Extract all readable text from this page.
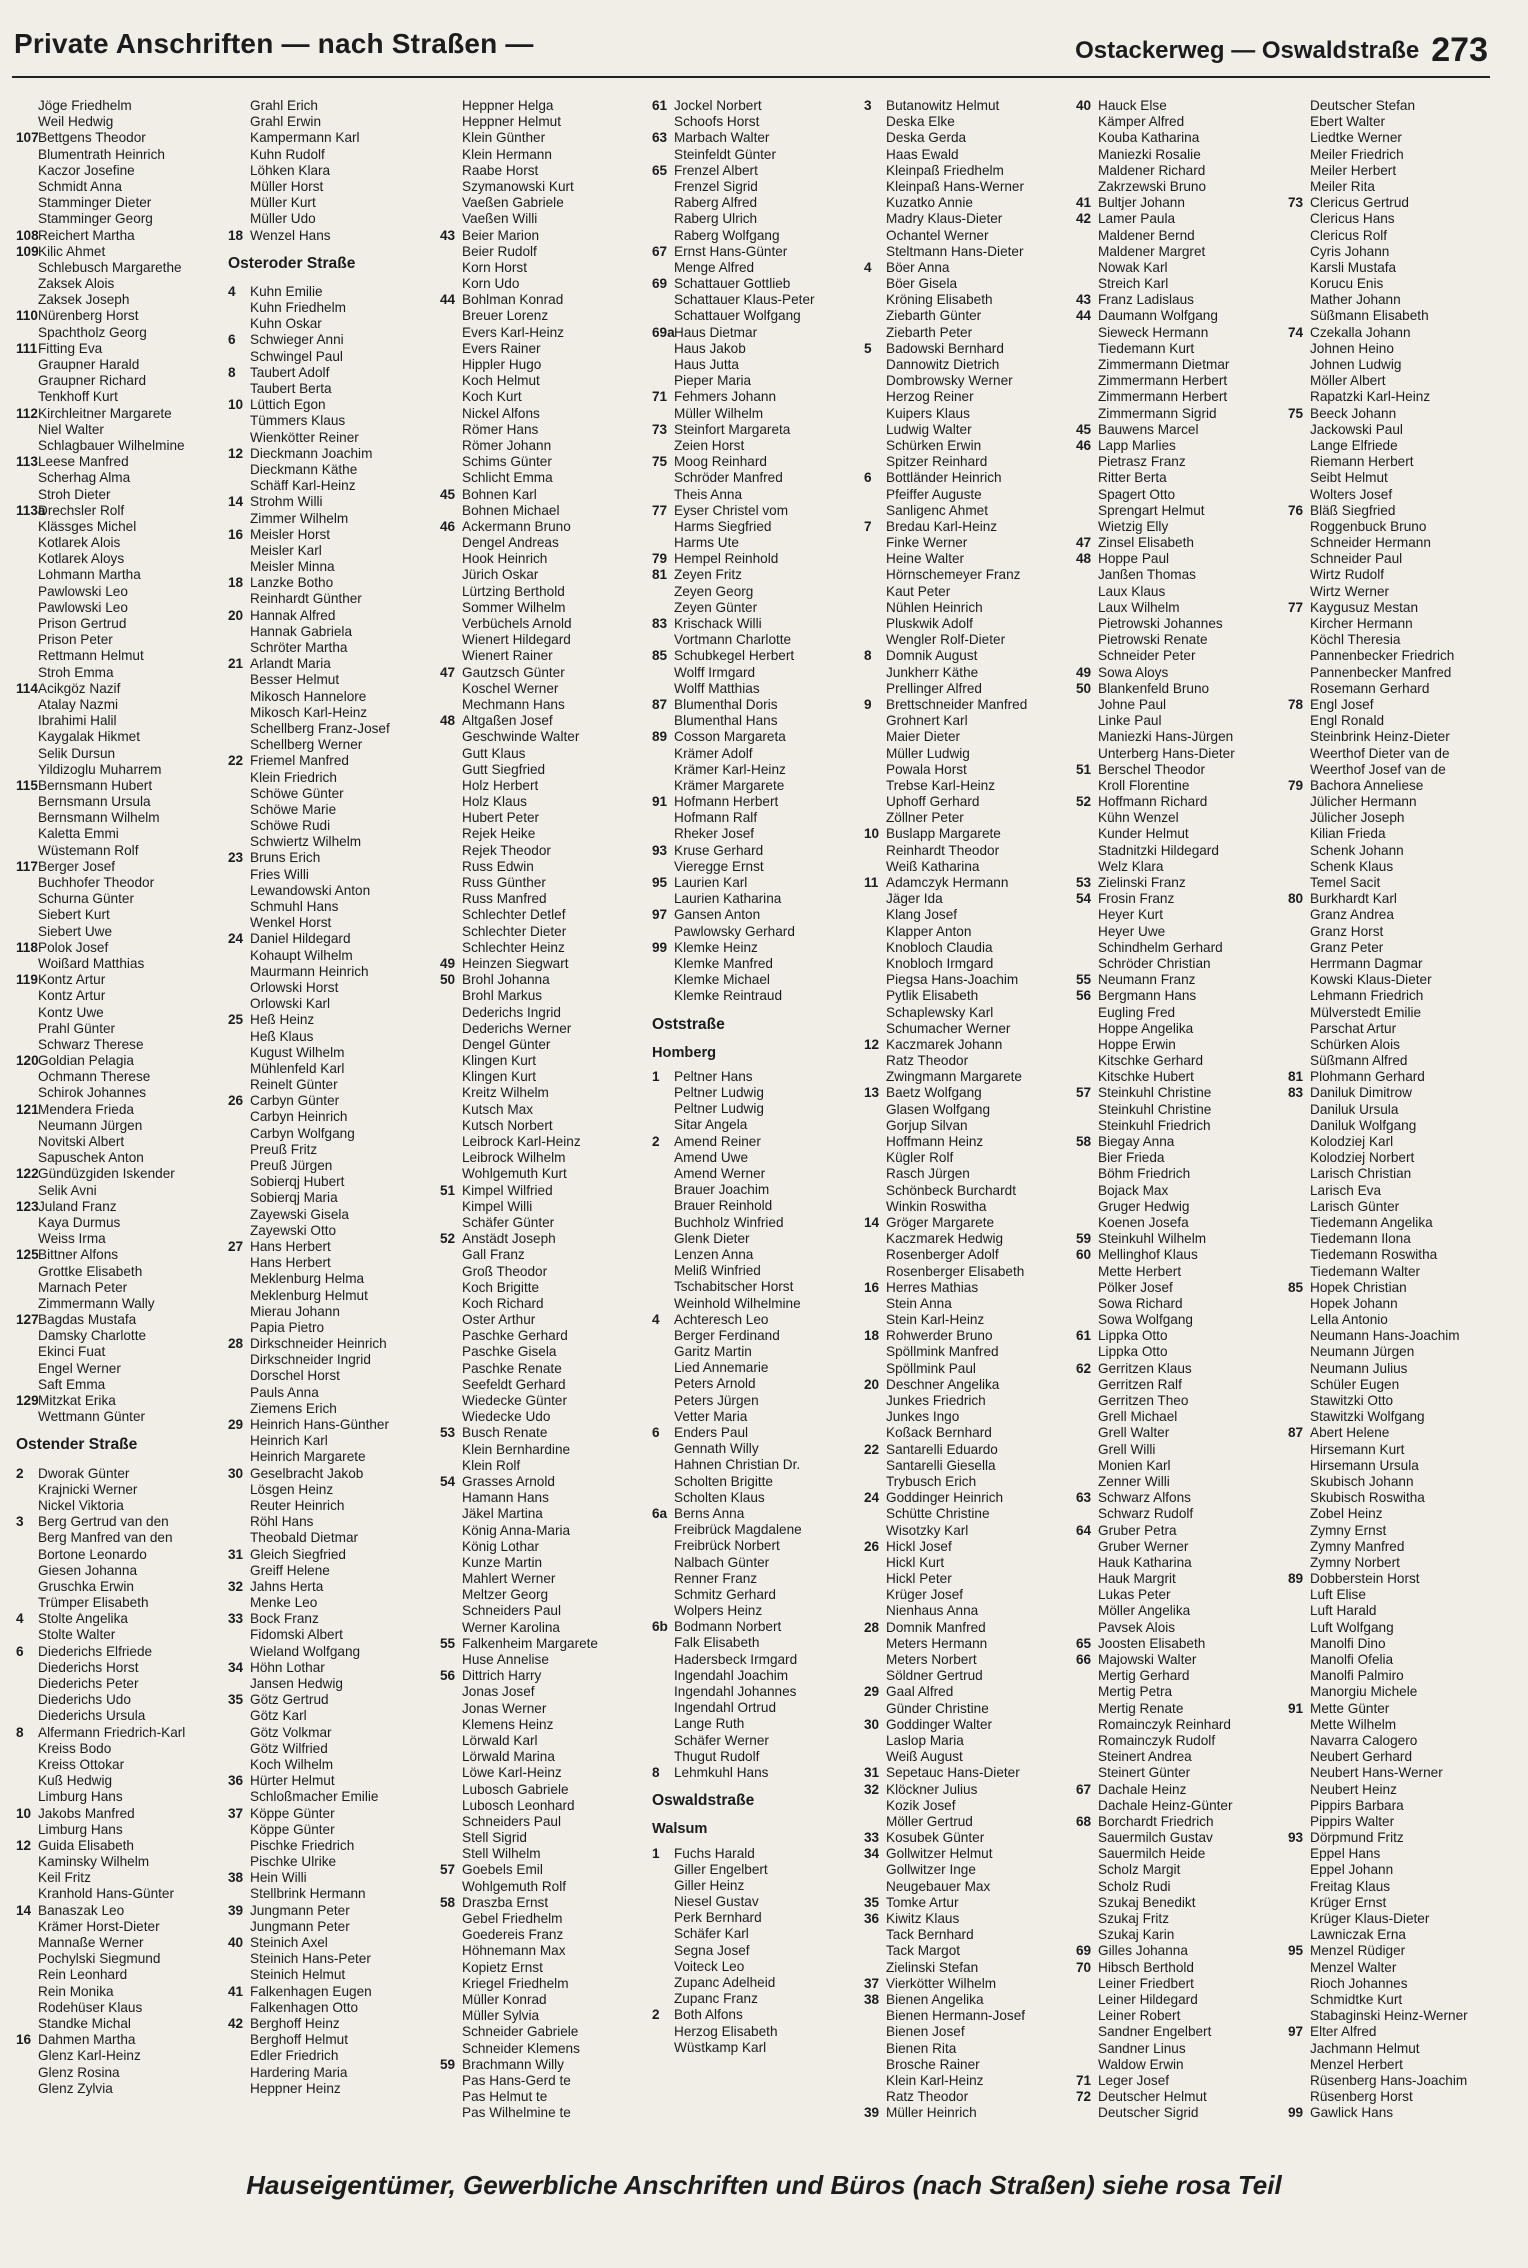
Private Anschriften — nach Straßen —	Ostackerweg — Oswaldstraße 273
Jöge Friedhelm
Weil Hedwig
107Bettgens Theodor
Blumentrath Heinrich
Kaczor Josefine
Schmidt Anna
Stamminger Dieter
Stamminger Georg
108Reichert Martha
109Kilic Ahmet
Schlebusch Margarethe
Zaksek Alois
Zaksek Joseph
110Nürenberg Horst
Spachtholz Georg
111Fitting Eva
Graupner Harald
Graupner Richard
Tenkhoff Kurt
112Kirchleitner Margarete
Niel Walter
Schlagbauer Wilhelmine
113Leese Manfred
Scherhag Alma
Stroh Dieter
113aDrechsler Rolf
Klässges Michel
Kotlarek Alois
Kotlarek Aloys
Lohmann Martha
Pawlowski Leo
Pawlowski Leo
Prison Gertrud
Prison Peter
Rettmann Helmut
Stroh Emma
114Acikgöz Nazif
Atalay Nazmi
Ibrahimi Halil
Kaygalak Hikmet
Selik Dursun
Yildizoglu Muharrem
115Bernsmann Hubert
Bernsmann Ursula
Bernsmann Wilhelm
Kaletta Emmi
Wüstemann Rolf
117Berger Josef
Buchhofer Theodor
Schurna Günter
Siebert Kurt
Siebert Uwe
118Polok Josef
Woißard Matthias
119Kontz Artur
Kontz Artur
Kontz Uwe
Prahl Günter
Schwarz Therese
120Goldian Pelagia
Ochmann Therese
Schirok Johannes
121Mendera Frieda
Neumann Jürgen
Novitski Albert
Sapuschek Anton
122Gündüzgiden Iskender
Selik Avni
123Juland Franz
Kaya Durmus
Weiss Irma
125Bittner Alfons
Grottke Elisabeth
Marnach Peter
Zimmermann Wally
127Bagdas Mustafa
Damsky Charlotte
Ekinci Fuat
Engel Werner
Saft Emma
129Mitzkat Erika
Wettmann Günter
Ostender Straße
2 Dworak Günter
Krajnicki Werner
Nickel Viktoria
3 Berg Gertrud van den
Berg Manfred van den
Bortone Leonardo
Giesen Johanna
Gruschka Erwin
Trümper Elisabeth
4 Stolte Angelika
Stolte Walter
6 Diederichs Elfriede
Diederichs Horst
Diederichs Peter
Diederichs Udo
Diederichs Ursula
8 Alfermann Friedrich-Karl
Kreiss Bodo
Kreiss Ottokar
Kuß Hedwig
Limburg Hans
10 Jakobs Manfred
Limburg Hans
12 Guida Elisabeth
Kaminsky Wilhelm
Keil Fritz
Kranhold Hans-Günter
14 Banaszak Leo
Krämer Horst-Dieter
Mannaße Werner
Pochylski Siegmund
Rein Leonhard
Rein Monika
Rodehüser Klaus
Standke Michal
16 Dahmen Martha
Glenz Karl-Heinz
Glenz Rosina
Glenz Zylvia
Grahl Erich
Grahl Erwin
Kampermann Karl
Kuhn Rudolf
Löhken Klara
Müller Horst
Müller Kurt
Müller Udo
18 Wenzel Hans
Osteroder Straße
4 Kuhn Emilie
Kuhn Friedhelm
Kuhn Oskar
6 Schwieger Anni
Schwingel Paul
8 Taubert Adolf
Taubert Berta
10 Lüttich Egon
Tümmers Klaus
Wienkötter Reiner
12 Dieckmann Joachim
Dieckmann Käthe
Schäff Karl-Heinz
14 Strohm Willi
Zimmer Wilhelm
16 Meisler Horst
Meisler Karl
Meisler Minna
18 Lanzke Botho
Reinhardt Günther
20 Hannak Alfred
Hannak Gabriela
Schröter Martha
21 Arlandt Maria
Besser Helmut
Mikosch Hannelore
Mikosch Karl-Heinz
Schellberg Franz-Josef
Schellberg Werner
22 Friemel Manfred
Klein Friedrich
Schöwe Günter
Schöwe Marie
Schöwe Rudi
Schwiertz Wilhelm
23 Bruns Erich
Fries Willi
Lewandowski Anton
Schmuhl Hans
Wenkel Horst
24 Daniel Hildegard
Kohaupt Wilhelm
Maurmann Heinrich
Orlowski Horst
Orlowski Karl
25 Heß Heinz
Heß Klaus
Kugust Wilhelm
Mühlenfeld Karl
Reinelt Günter
26 Carbyn Günter
Carbyn Heinrich
Carbyn Wolfgang
Preuß Fritz
Preuß Jürgen
Sobierqj Hubert
Sobierqj Maria
Zayewski Gisela
Zayewski Otto
27 Hans Herbert
Hans Herbert
Meklenburg Helma
Meklenburg Helmut
Mierau Johann
Papia Pietro
28 Dirkschneider Heinrich
Dirkschneider Ingrid
Dorschel Horst
Pauls Anna
Ziemens Erich
29 Heinrich Hans-Günther
Heinrich Karl
Heinrich Margarete
30 Geselbracht Jakob
Lösgen Heinz
Reuter Heinrich
Röhl Hans
Theobald Dietmar
31 Gleich Siegfried
Greiff Helene
32 Jahns Herta
Menke Leo
33 Bock Franz
Fidomski Albert
Wieland Wolfgang
34 Höhn Lothar
Jansen Hedwig
35 Götz Gertrud
Götz Karl
Götz Volkmar
Götz Wilfried
Koch Wilhelm
36 Hürter Helmut
Schloßmacher Emilie
37 Köppe Günter
Köppe Günter
Pischke Friedrich
Pischke Ulrike
38 Hein Willi
Stellbrink Hermann
39 Jungmann Peter
Jungmann Peter
40 Steinich Axel
Steinich Hans-Peter
Steinich Helmut
41 Falkenhagen Eugen
Falkenhagen Otto
42 Berghoff Heinz
Berghoff Helmut
Edler Friedrich
Hardering Maria
Heppner Heinz
Heppner Helga
Heppner Helmut
Klein Günther
Klein Hermann
Raabe Horst
Szymanowski Kurt
Vaeßen Gabriele
Vaeßen Willi
43 Beier Marion
Beier Rudolf
Korn Horst
Korn Udo
44 Bohlman Konrad
Breuer Lorenz
Evers Karl-Heinz
Evers Rainer
Hippler Hugo
Koch Helmut
Koch Kurt
Nickel Alfons
Römer Hans
Römer Johann
Schims Günter
Schlicht Emma
45 Bohnen Karl
Bohnen Michael
46 Ackermann Bruno
Dengel Andreas
Hook Heinrich
Jürich Oskar
Lürtzing Berthold
Sommer Wilhelm
Verbüchels Arnold
Wienert Hildegard
Wienert Rainer
47 Gautzsch Günter
Koschel Werner
Mechmann Hans
48 Altgaßen Josef
Geschwinde Walter
Gutt Klaus
Gutt Siegfried
Holz Herbert
Holz Klaus
Hubert Peter
Rejek Heike
Rejek Theodor
Russ Edwin
Russ Günther
Russ Manfred
Schlechter Detlef
Schlechter Dieter
Schlechter Heinz
49 Heinzen Siegwart
50 Brohl Johanna
Brohl Markus
Dederichs Ingrid
Dederichs Werner
Dengel Günter
Klingen Kurt
Klingen Kurt
Kreitz Wilhelm
Kutsch Max
Kutsch Norbert
Leibrock Karl-Heinz
Leibrock Wilhelm
Wohlgemuth Kurt
51 Kimpel Wilfried
Kimpel Willi
Schäfer Günter
52 Anstädt Joseph
Gall Franz
Groß Theodor
Koch Brigitte
Koch Richard
Oster Arthur
Paschke Gerhard
Paschke Gisela
Paschke Renate
Seefeldt Gerhard
Wiedecke Günter
Wiedecke Udo
53 Busch Renate
Klein Bernhardine
Klein Rolf
54 Grasses Arnold
Hamann Hans
Jäkel Martina
König Anna-Maria
König Lothar
Kunze Martin
Mahlert Werner
Meltzer Georg
Schneiders Paul
Werner Karolina
55 Falkenheim Margarete
Huse Annelise
56 Dittrich Harry
Jonas Josef
Jonas Werner
Klemens Heinz
Lörwald Karl
Lörwald Marina
Löwe Karl-Heinz
Lubosch Gabriele
Lubosch Leonhard
Schneiders Paul
Stell Sigrid
Stell Wilhelm
57 Goebels Emil
Wohlgemuth Rolf
58 Draszba Ernst
Gebel Friedhelm
Goedereis Franz
Höhnemann Max
Kopietz Ernst
Kriegel Friedhelm
Müller Konrad
Müller Sylvia
Schneider Gabriele
Schneider Klemens
59 Brachmann Willy
Pas Hans-Gerd te
Pas Helmut te
Pas Wilhelmine te
61 Jockel Norbert
Schoofs Horst
63 Marbach Walter
Steinfeldt Günter
65 Frenzel Albert
Frenzel Sigrid
Raberg Alfred
Raberg Ulrich
Raberg Wolfgang
67 Ernst Hans-Günter
Menge Alfred
69 Schattauer Gottlieb
Schattauer Klaus-Peter
Schattauer Wolfgang
69aHaus Dietmar
Haus Jakob
Haus Jutta
Pieper Maria
71 Fehmers Johann
Müller Wilhelm
73 Steinfort Margareta
Zeien Horst
75 Moog Reinhard
Schröder Manfred
Theis Anna
77 Eyser Christel vom
Harms Siegfried
Harms Ute
79 Hempel Reinhold
81 Zeyen Fritz
Zeyen Georg
Zeyen Günter
83 Krischack Willi
Vortmann Charlotte
85 Schubkegel Herbert
Wolff Irmgard
Wolff Matthias
87 Blumenthal Doris
Blumenthal Hans
89 Cosson Margareta
Krämer Adolf
Krämer Karl-Heinz
Krämer Margarete
91 Hofmann Herbert
Hofmann Ralf
Rheker Josef
93 Kruse Gerhard
Vieregge Ernst
95 Laurien Karl
Laurien Katharina
97 Gansen Anton
Pawlowsky Gerhard
99 Klemke Heinz
Klemke Manfred
Klemke Michael
Klemke Reintraud
Oststraße
Homberg
1 Peltner Hans
Peltner Ludwig
Peltner Ludwig
Sitar Angela
2 Amend Reiner
Amend Uwe
Amend Werner
Brauer Joachim
Brauer Reinhold
Buchholz Winfried
Glenk Dieter
Lenzen Anna
Meliß Winfried
Tschabitscher Horst
Weinhold Wilhelmine
4 Achteresch Leo
Berger Ferdinand
Garitz Martin
Lied Annemarie
Peters Arnold
Peters Jürgen
Vetter Maria
6 Enders Paul
Gennath Willy
Hahnen Christian Dr.
Scholten Brigitte
Scholten Klaus
6a Berns Anna
Freibrück Magdalene
Freibrück Norbert
Nalbach Günter
Renner Franz
Schmitz Gerhard
Wolpers Heinz
6b Bodmann Norbert
Falk Elisabeth
Hadersbeck Irmgard
Ingendahl Joachim
Ingendahl Johannes
Ingendahl Ortrud
Lange Ruth
Schäfer Werner
Thugut Rudolf
8 Lehmkuhl Hans
Oswaldstraße
Walsum
1 Fuchs Harald
Giller Engelbert
Giller Heinz
Niesel Gustav
Perk Bernhard
Schäfer Karl
Segna Josef
Voiteck Leo
Zupanc Adelheid
Zupanc Franz
2 Both Alfons
Herzog Elisabeth
Wüstkamp Karl
3 Butanowitz Helmut
Deska Elke
Deska Gerda
Haas Ewald
Kleinpaß Friedhelm
Kleinpaß Hans-Werner
Kuzatko Annie
Madry Klaus-Dieter
Ochantel Werner
Steltmann Hans-Dieter
4 Böer Anna
Böer Gisela
Kröning Elisabeth
Ziebarth Günter
Ziebarth Peter
5 Badowski Bernhard
Dannowitz Dietrich
Dombrowsky Werner
Herzog Reiner
Kuipers Klaus
Ludwig Walter
Schürken Erwin
Spitzer Reinhard
6 Bottländer Heinrich
Pfeiffer Auguste
Sanligenc Ahmet
7 Bredau Karl-Heinz
Finke Werner
Heine Walter
Hörnschemeyer Franz
Kaut Peter
Nühlen Heinrich
Pluskwik Adolf
Wengler Rolf-Dieter
8 Domnik August
Junkherr Käthe
Prellinger Alfred
9 Brettschneider Manfred
Grohnert Karl
Maier Dieter
Müller Ludwig
Powala Horst
Trebse Karl-Heinz
Uphoff Gerhard
Zöllner Peter
10 Buslapp Margarete
Reinhardt Theodor
Weiß Katharina
11 Adamczyk Hermann
Jäger Ida
Klang Josef
Klapper Anton
Knobloch Claudia
Knobloch Irmgard
Piegsa Hans-Joachim
Pytlik Elisabeth
Schaplewsky Karl
Schumacher Werner
12 Kaczmarek Johann
Ratz Theodor
Zwingmann Margarete
13 Baetz Wolfgang
Glasen Wolfgang
Gorjup Silvan
Hoffmann Heinz
Kügler Rolf
Rasch Jürgen
Schönbeck Burchardt
Winkin Roswitha
14 Gröger Margarete
Kaczmarek Hedwig
Rosenberger Adolf
Rosenberger Elisabeth
16 Herres Mathias
Stein Anna
Stein Karl-Heinz
18 Rohwerder Bruno
Spöllmink Manfred
Spöllmink Paul
20 Deschner Angelika
Junkes Friedrich
Junkes Ingo
Koßack Bernhard
22 Santarelli Eduardo
Santarelli Giesella
Trybusch Erich
24 Goddinger Heinrich
Schütte Christine
Wisotzky Karl
26 Hickl Josef
Hickl Kurt
Hickl Peter
Krüger Josef
Nienhaus Anna
28 Domnik Manfred
Meters Hermann
Meters Norbert
Söldner Gertrud
29 Gaal Alfred
Günder Christine
30 Goddinger Walter
Laslop Maria
Weiß August
31 Sepetauc Hans-Dieter
32 Klöckner Julius
Kozik Josef
Möller Gertrud
33 Kosubek Günter
34 Gollwitzer Helmut
Gollwitzer Inge
Neugebauer Max
35 Tomke Artur
36 Kiwitz Klaus
Tack Bernhard
Tack Margot
Zielinski Stefan
37 Vierkötter Wilhelm
38 Bienen Angelika
Bienen Hermann-Josef
Bienen Josef
Bienen Rita
Brosche Rainer
Klein Karl-Heinz
Ratz Theodor
39 Müller Heinrich
40 Hauck Else
Kämper Alfred
Kouba Katharina
Maniezki Rosalie
Maldener Richard
Zakrzewski Bruno
41 Bultjer Johann
42 Lamer Paula
Maldener Bernd
Maldener Margret
Nowak Karl
Streich Karl
43 Franz Ladislaus
44 Daumann Wolfgang
Sieweck Hermann
Tiedemann Kurt
Zimmermann Dietmar
Zimmermann Herbert
Zimmermann Herbert
Zimmermann Sigrid
45 Bauwens Marcel
46 Lapp Marlies
Pietrasz Franz
Ritter Berta
Spagert Otto
Sprengart Helmut
Wietzig Elly
47 Zinsel Elisabeth
48 Hoppe Paul
Janßen Thomas
Laux Klaus
Laux Wilhelm
Pietrowski Johannes
Pietrowski Renate
Schneider Peter
49 Sowa Aloys
50 Blankenfeld Bruno
Johne Paul
Linke Paul
Maniezki Hans-Jürgen
Unterberg Hans-Dieter
51 Berschel Theodor
Kroll Florentine
52 Hoffmann Richard
Kühn Wenzel
Kunder Helmut
Stadnitzki Hildegard
Welz Klara
53 Zielinski Franz
54 Frosin Franz
Heyer Kurt
Heyer Uwe
Schindhelm Gerhard
Schröder Christian
55 Neumann Franz
56 Bergmann Hans
Eugling Fred
Hoppe Angelika
Hoppe Erwin
Kitschke Gerhard
Kitschke Hubert
57 Steinkuhl Christine
Steinkuhl Christine
Steinkuhl Friedrich
58 Biegay Anna
Bier Frieda
Böhm Friedrich
Bojack Max
Gruger Hedwig
Koenen Josefa
59 Steinkuhl Wilhelm
60 Mellinghof Klaus
Mette Herbert
Pölker Josef
Sowa Richard
Sowa Wolfgang
61 Lippka Otto
Lippka Otto
62 Gerritzen Klaus
Gerritzen Ralf
Gerritzen Theo
Grell Michael
Grell Walter
Grell Willi
Monien Karl
Zenner Willi
63 Schwarz Alfons
Schwarz Rudolf
64 Gruber Petra
Gruber Werner
Hauk Katharina
Hauk Margrit
Lukas Peter
Möller Angelika
Pavsek Alois
65 Joosten Elisabeth
66 Majowski Walter
Mertig Gerhard
Mertig Petra
Mertig Renate
Romainczyk Reinhard
Romainczyk Rudolf
Steinert Andrea
Steinert Günter
67 Dachale Heinz
Dachale Heinz-Günter
68 Borchardt Friedrich
Sauermilch Gustav
Sauermilch Heide
Scholz Margit
Scholz Rudi
Szukaj Benedikt
Szukaj Fritz
Szukaj Karin
69 Gilles Johanna
70 Hibsch Berthold
Leiner Friedbert
Leiner Hildegard
Leiner Robert
Sandner Engelbert
Sandner Linus
Waldow Erwin
71 Leger Josef
72 Deutscher Helmut
Deutscher Sigrid
Deutscher Stefan
Ebert Walter
Liedtke Werner
Meiler Friedrich
Meiler Herbert
Meiler Rita
73 Clericus Gertrud
Clericus Hans
Clericus Rolf
Cyris Johann
Karsli Mustafa
Korucu Enis
Mather Johann
Süßmann Elisabeth
74 Czekalla Johann
Johnen Heino
Johnen Ludwig
Möller Albert
Rapatzki Karl-Heinz
75 Beeck Johann
Jackowski Paul
Lange Elfriede
Riemann Herbert
Seibt Helmut
Wolters Josef
76 Bläß Siegfried
Roggenbuck Bruno
Schneider Hermann
Schneider Paul
Wirtz Rudolf
Wirtz Werner
77 Kaygusuz Mestan
Kircher Hermann
Köchl Theresia
Pannenbecker Friedrich
Pannenbecker Manfred
Rosemann Gerhard
78 Engl Josef
Engl Ronald
Steinbrink Heinz-Dieter
Weerthof Dieter van de
Weerthof Josef van de
79 Bachora Anneliese
Jülicher Hermann
Jülicher Joseph
Kilian Frieda
Schenk Johann
Schenk Klaus
Temel Sacit
80 Burkhardt Karl
Granz Andrea
Granz Horst
Granz Peter
Herrmann Dagmar
Kowski Klaus-Dieter
Lehmann Friedrich
Mülverstedt Emilie
Parschat Artur
Schürken Alois
Süßmann Alfred
81 Plohmann Gerhard
83 Daniluk Dimitrow
Daniluk Ursula
Daniluk Wolfgang
Kolodziej Karl
Kolodziej Norbert
Larisch Christian
Larisch Eva
Larisch Günter
Tiedemann Angelika
Tiedemann Ilona
Tiedemann Roswitha
Tiedemann Walter
85 Hopek Christian
Hopek Johann
Lella Antonio
Neumann Hans-Joachim
Neumann Jürgen
Neumann Julius
Schüler Eugen
Stawitzki Otto
Stawitzki Wolfgang
87 Abert Helene
Hirsemann Kurt
Hirsemann Ursula
Skubisch Johann
Skubisch Roswitha
Zobel Heinz
Zymny Ernst
Zymny Manfred
Zymny Norbert
89 Dobberstein Horst
Luft Elise
Luft Harald
Luft Wolfgang
Manolfi Dino
Manolfi Ofelia
Manolfi Palmiro
Manorgiu Michele
91 Mette Günter
Mette Wilhelm
Navarra Calogero
Neubert Gerhard
Neubert Hans-Werner
Neubert Heinz
Pippirs Barbara
Pippirs Walter
93 Dörpmund Fritz
Eppel Hans
Eppel Johann
Freitag Klaus
Krüger Ernst
Krüger Klaus-Dieter
Lawniczak Erna
95 Menzel Rüdiger
Menzel Walter
Rioch Johannes
Schmidtke Kurt
Stabaginski Heinz-Werner
97 Elter Alfred
Jachmann Helmut
Menzel Herbert
Rüsenberg Hans-Joachim
Rüsenberg Horst
99 Gawlick Hans
Hauseigentümer, Gewerbliche Anschriften und Büros (nach Straßen) siehe rosa Teil
